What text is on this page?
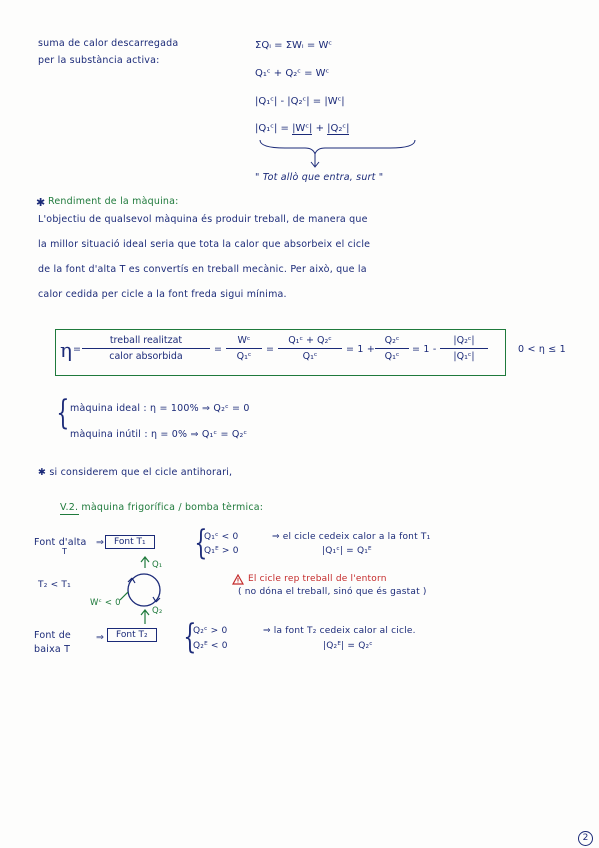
suma de calor descarregada
per la substància activa:
ΣQᵢ = ΣWᵢ = Wᶜ
Q₁ᶜ + Q₂ᶜ = Wᶜ
|Q₁ᶜ| - |Q₂ᶜ| = |Wᶜ|
|Q₁ᶜ| = |Wᶜ| + |Q₂ᶜ|
" Tot allò que entra, surt "
✱ Rendiment de la màquina:
L'objectiu de qualsevol màquina és produir treball, de manera que
la millor situació ideal seria que tota la calor que absorbeix el cicle
de la font d'alta T es convertís en treball mecànic. Per això, que la
calor cedida per cicle a la font freda sigui mínima.
η =
treball realitzat
calor absorbida
= $\frac{\text{Wᶜ}}{\text{Q₁ᶜ}} = \frac{\text{Q₁ᶜ + Q₂ᶜ}}{\text{Q₁ᶜ}} = 1 + \frac{\text{Q₂ᶜ}}{\text{Q₁ᶜ}} = 1 - \frac{\text{|Q₂ᶜ|}}{\text{|Q₁ᶜ|}}$	0 < η ≤ 1
{ màquina ideal : η = 100% ⇒ Q₂ᶜ = 0
màquina inútil : η = 0% ⇒ Q₁ᶜ = Q₂ᶜ
✱ si considerem que el cicle antihorari,
V.2. màquina frigorífica / bomba tèrmica:
Font d'alta
T
⇒	Font T₁ {
Q₁ᶜ < 0
Q₁ᴱ > 0
⇒ el cicle cedeix calor a la font T₁
|Q₁ᶜ| = Q₁ᴱ
Q₁
T₂ < T₁
Wᶜ < 0
Q₂
El cicle rep treball de l'entorn
( no dóna el treball, sinó que és gastat )
Font de
baixa T
⇒	Font T₂ {
Q₂ᶜ > 0
Q₂ᴱ < 0
⇒ la font T₂ cedeix calor al cicle.
|Q₂ᴱ| = Q₂ᶜ
2
